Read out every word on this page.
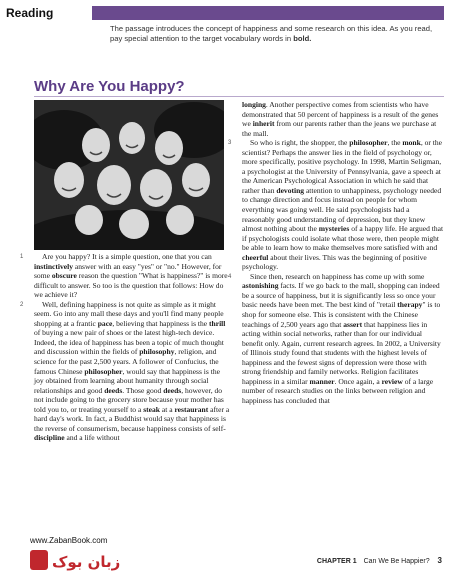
Reading
The passage introduces the concept of happiness and some research on this idea. As you read, pay special attention to the target vocabulary words in bold.
Why Are You Happy?

1 Are you happy? It is a simple question, one that you can instinctively answer with an easy "yes" or "no." However, for some obscure reason the question "What is happiness?" is more difficult to answer. So too is the question that follows: How do we achieve it?

2 Well, defining happiness is not quite as simple as it might seem. Go into any mall these days and you'll find many people shopping at a frantic pace, believing that happiness is the thrill of buying a new pair of shoes or the latest high-tech device. Indeed, the idea of happiness has been a topic of much thought and discussion within the fields of philosophy, religion, and science for the past 2,500 years. A follower of Confucius, the famous Chinese philosopher, would say that happiness is the joy obtained from learning about humanity through social relationships and good deeds. Those good deeds, however, do not include going to the grocery store because your mother has told you to, or treating yourself to a steak at a restaurant after a hard day's work. In fact, a Buddhist would say that happiness is the reverse of consumerism, because happiness consists of self-discipline and a life without

longing. Another perspective comes from scientists who have demonstrated that 50 percent of happiness is a result of the genes we inherit from our parents rather than the jeans we purchase at the mall.

3 So who is right, the shopper, the philosopher, the monk, or the scientist? Perhaps the answer lies in the field of psychology or, more specifically, positive psychology. In 1998, Martin Seligman, a psychologist at the University of Pennsylvania, gave a speech at the American Psychological Association in which he said that rather than devoting attention to unhappiness, psychology needed to change direction and focus instead on people for whom everything was going well. He said psychologists had a reasonably good understanding of depression, but they knew almost nothing about the mysteries of a happy life. He argued that if psychologists could isolate what those were, then people might be able to learn how to make themselves more satisfied with and cheerful about their lives. This was the beginning of positive psychology.

4 Since then, research on happiness has come up with some astonishing facts. If we go back to the mall, shopping can indeed be a source of happiness, but it is significantly less so once your basic needs have been met. The best kind of "retail therapy" is to shop for someone else. This is consistent with the Chinese teachings of 2,500 years ago that assert that happiness lies in acting within social networks, rather than for our individual benefit only. Again, current research agrees. In 2002, a University of Illinois study found that students with the highest levels of happiness and the fewest signs of depression were those with strong friendship and family networks. Religion facilitates happiness in a similar manner. Once again, a review of a large number of research studies on the links between religion and happiness has concluded that

www.ZabanBook.com
زبان بوک	CHAPTER 1 Can We Be Happier? 3
